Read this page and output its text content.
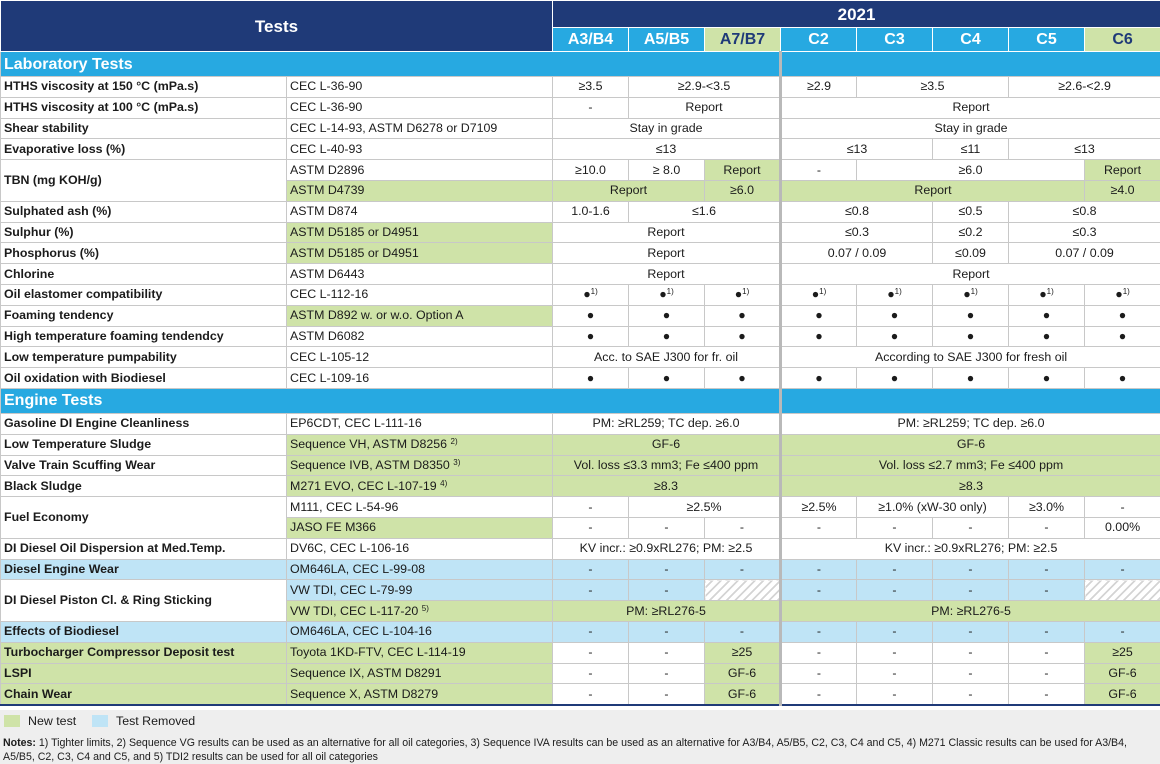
Tests		2021							
		A3/B4	A5/B5	A7/B7	C2	C3	C4	C5	C6
Laboratory Tests									
HTHS viscosity at 150 °C (mPa.s)	CEC L-36-90	≥3.5	≥2.9-<3.5		≥2.9	≥3.5		≥2.6-<2.9	
HTHS viscosity at 100 °C (mPa.s)	CEC L-36-90	-	Report		Report				
Shear stability	CEC L-14-93, ASTM D6278 or D7109	Stay in grade			Stay in grade				
Evaporative loss (%)	CEC L-40-93	≤13			≤13		≤11	≤13	
TBN (mg KOH/g)	ASTM D2896	≥10.0	≥ 8.0	Report	-	≥6.0			Report
	ASTM D4739	Report		≥6.0	Report				≥4.0
Sulphated ash (%)	ASTM D874	1.0-1.6	≤1.6		≤0.8		≤0.5	≤0.8	
Sulphur (%)	ASTM D5185 or D4951	Report			≤0.3		≤0.2	≤0.3	
Phosphorus (%)	ASTM D5185 or D4951	Report			0.07 / 0.09		≤0.09	0.07 / 0.09	
Chlorine	ASTM D6443	Report			Report				
Oil elastomer compatibility	CEC L-112-16	●$^{1)}$	●$^{1)}$	●$^{1)}$	●$^{1)}$	●$^{1)}$	●$^{1)}$	●$^{1)}$	●$^{1)}$
Foaming tendency	ASTM D892 w. or w.o. Option A	●	●	●	●	●	●	●	●
High temperature foaming tendendcy	ASTM D6082	●	●	●	●	●	●	●	●
Low temperature pumpability	CEC L-105-12	Acc. to SAE J300 for fr. oil			According to SAE J300 for fresh oil				
Oil oxidation with Biodiesel	CEC L-109-16	●	●	●	●	●	●	●	●
Engine Tests									
Gasoline DI Engine Cleanliness	EP6CDT, CEC L-111-16	PM: ≥RL259; TC dep. ≥6.0			PM: ≥RL259; TC dep. ≥6.0				
Low Temperature Sludge	Sequence VH, ASTM D8256 $^{2)}$	GF-6			GF-6				
Valve Train Scuffing Wear	Sequence IVB, ASTM D8350 $^{3)}$	Vol. loss ≤3.3 mm3; Fe ≤400 ppm			Vol. loss ≤2.7 mm3; Fe ≤400 ppm				
Black Sludge	M271 EVO, CEC L-107-19 $^{4)}$	≥8.3			≥8.3				
Fuel Economy	M111, CEC L-54-96	-	≥2.5%		≥2.5%	≥1.0% (xW-30 only)		≥3.0%	-
	JASO FE M366	-	-	-	-	-	-	-	0.00%
DI Diesel Oil Dispersion at Med.Temp.	DV6C, CEC L-106-16	KV incr.: ≥0.9xRL276; PM: ≥2.5			KV incr.: ≥0.9xRL276; PM: ≥2.5				
Diesel Engine Wear	OM646LA, CEC L-99-08	-	-	-	-	-	-	-	-
DI Diesel Piston Cl. & Ring Sticking	VW TDI, CEC L-79-99	-	-		-	-	-	-	
	VW TDI, CEC L-117-20 $^{5)}$	PM: ≥RL276-5			PM: ≥RL276-5				
Effects of Biodiesel	OM646LA, CEC L-104-16	-	-	-	-	-	-	-	-
Turbocharger Compressor Deposit test	Toyota 1KD-FTV, CEC L-114-19	-	-	≥25	-	-	-	-	≥25
LSPI	Sequence IX, ASTM D8291	-	-	GF-6	-	-	-	-	GF-6
Chain Wear	Sequence X, ASTM D8279	-	-	GF-6	-	-	-	-	GF-6
New test	Test Removed
Notes: 1) Tighter limits, 2) Sequence VG results can be used as an alternative for all oil categories, 3) Sequence IVA results can be used as an alternative for A3/B4, A5/B5, C2, C3, C4 and C5, 4) M271 Classic results can be used for A3/B4, A5/B5, C2, C3, C4 and C5, and 5) TDI2 results can be used for all oil categories
